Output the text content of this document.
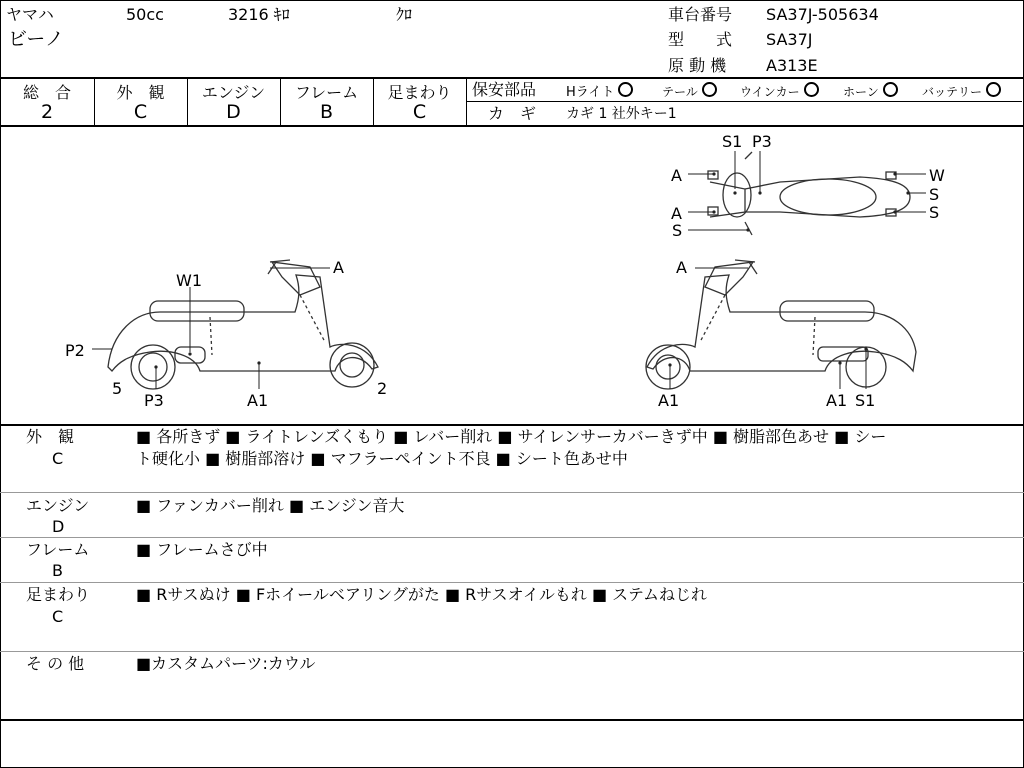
ヤマハ	50cc	3216 ｷﾛ	ｸﾛ
ビーノ
車台番号 SA37J-505634
型　　式 SA37J
原 動 機 A313E
総　合
2
外　観
C
エンジン
D
フレーム
B
足まわり
C
保安部品 Hライト	テール	ウインカー	ホーン	バッテリー
カ　ギ カギ 1 社外キー1
A
W1
P2
5
P3	A1
2
A
A1	A1 S1
S1 P3
A
A
S
W
S
S
外　観
C
■ 各所きず ■ ライトレンズくもり ■ レバー削れ ■ サイレンサーカバーきず中 ■ 樹脂部色あせ ■ シー
ト硬化小 ■ 樹脂部溶け ■ マフラーペイント不良 ■ シート色あせ中
エンジン
D
■ ファンカバー削れ ■ エンジン音大
フレーム
B
■ フレームさび中
足まわり
C
■ Rサスぬけ ■ Fホイールベアリングがた ■ Rサスオイルもれ ■ ステムねじれ
そ の 他	■カスタムパーツ:カウル
